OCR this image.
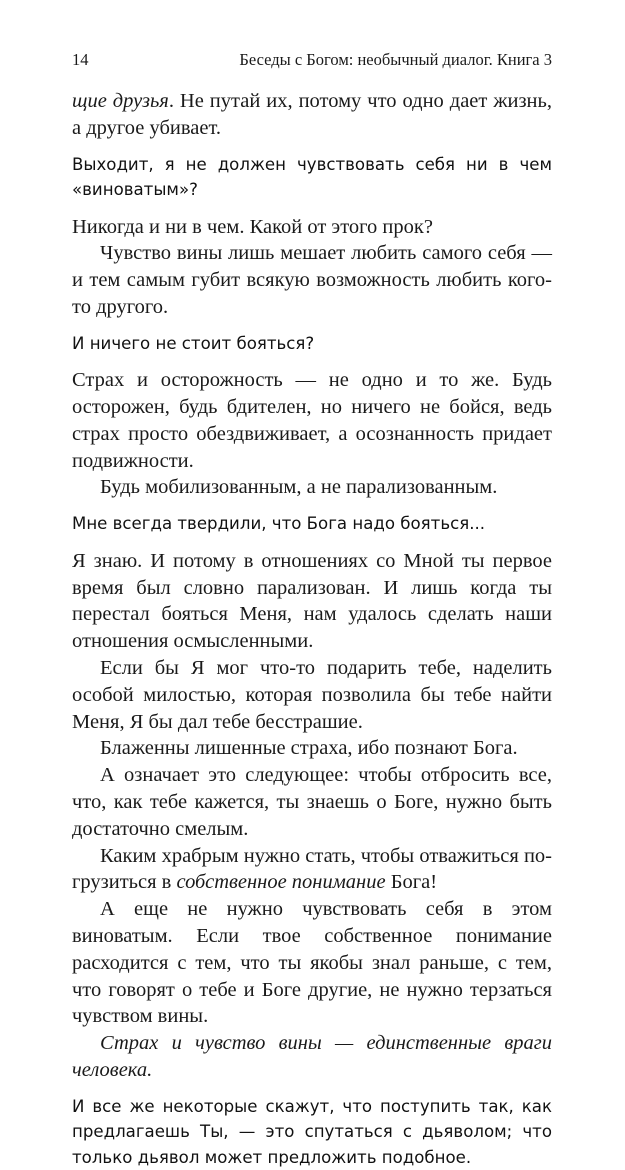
14	Беседы с Богом: необычный диалог. Книга 3

щие друзья. Не путай их, потому что одно дает жизнь, а другое убивает.

Выходит, я не должен чувствовать себя ни в чем «виноватым»?

Никогда и ни в чем. Какой от этого прок?

Чувство вины лишь мешает любить самого себя — и тем самым губит всякую возможность любить кого-то другого.

И ничего не стоит бояться?

Страх и осторожность — не одно и то же. Будь осторожен, будь бдителен, но ничего не бойся, ведь страх просто обездвиживает, а осознанность придает подвижности.

Будь мобилизованным, а не парализованным.

Мне всегда твердили, что Бога надо бояться...

Я знаю. И потому в отношениях со Мной ты первое время был словно парализован. И лишь когда ты перестал бояться Меня, нам удалось сделать наши отношения осмысленными.

Если бы Я мог что-то подарить тебе, наделить особой милостью, которая позволила бы тебе найти Меня, Я бы дал тебе бесстрашие.

Блаженны лишенные страха, ибо познают Бога.

А означает это следующее: чтобы отбросить все, что, как тебе кажется, ты знаешь о Боге, нужно быть достаточно смелым.

Каким храбрым нужно стать, чтобы отважиться погрузиться в собственное понимание Бога!

А еще не нужно чувствовать себя в этом виноватым. Если твое собственное понимание расходится с тем, что ты якобы знал раньше, с тем, что говорят о тебе и Боге другие, не нужно терзаться чувством вины.

Страх и чувство вины — единственные враги человека.

И все же некоторые скажут, что поступить так, как предлагаешь Ты, — это спутаться с дьяволом; что только дьявол может предложить подобное.
